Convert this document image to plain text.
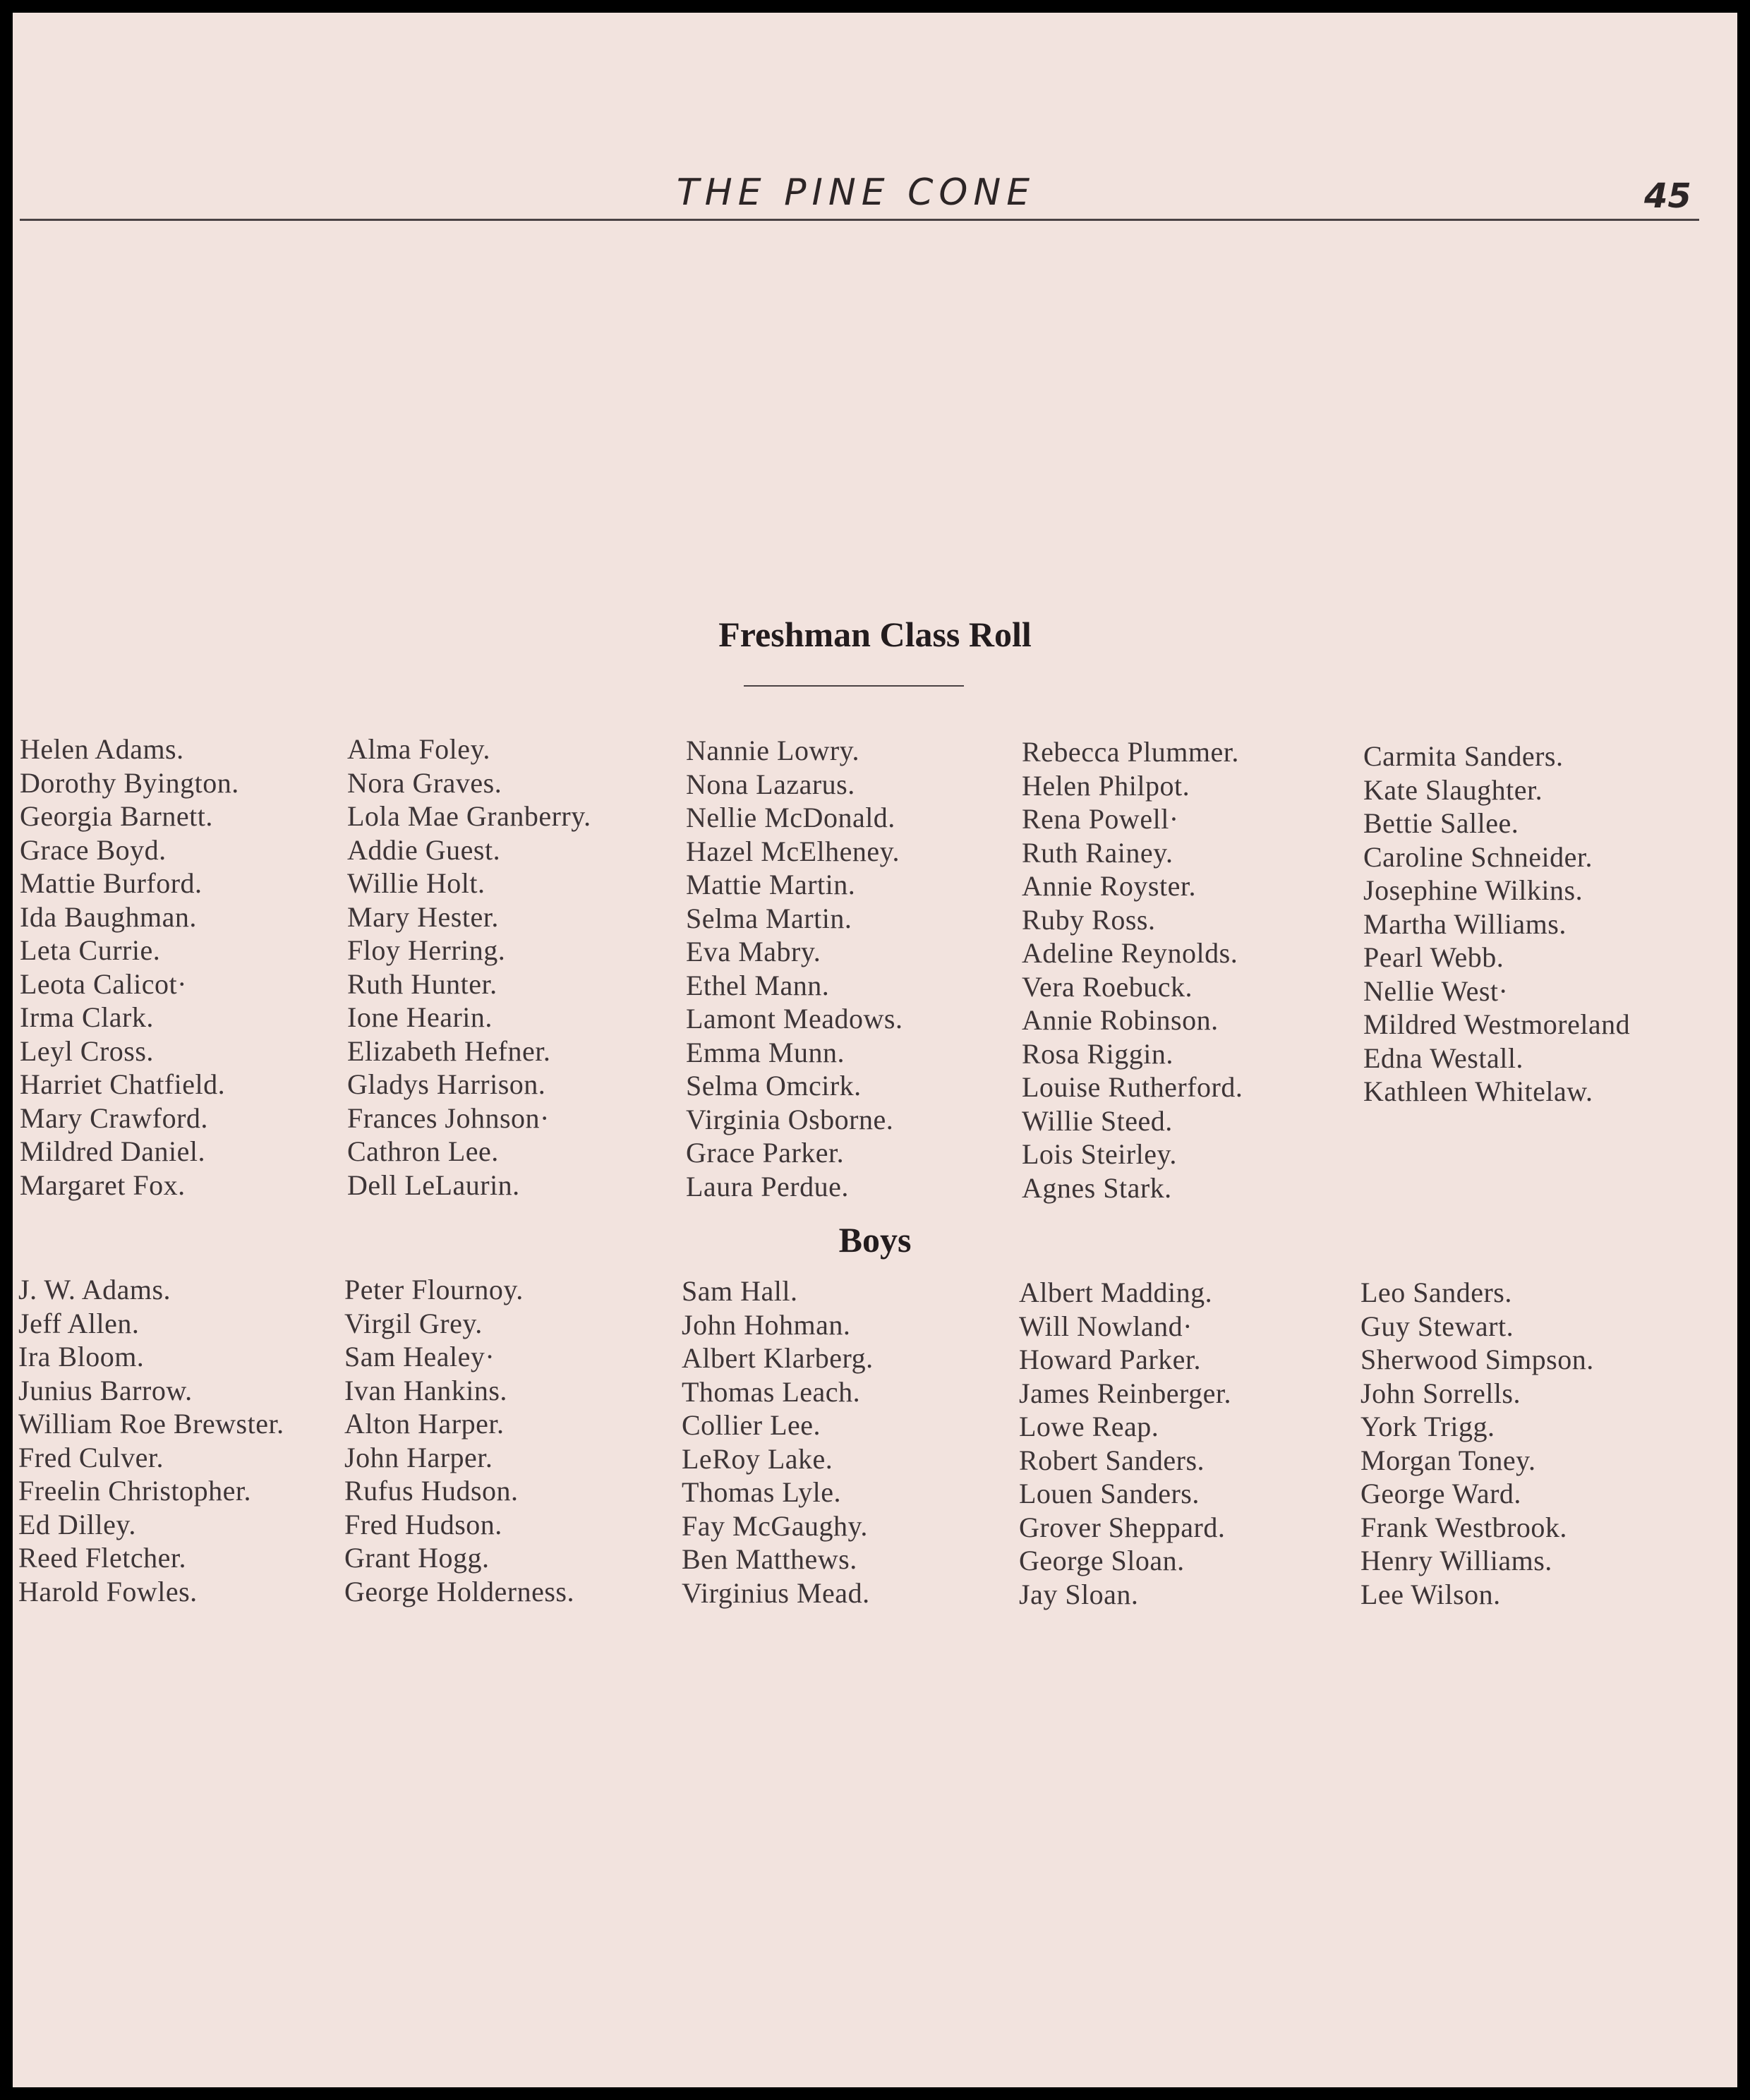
THE PINE CONE	45
Freshman Class Roll
Helen Adams.
Dorothy Byington.
Georgia Barnett.
Grace Boyd.
Mattie Burford.
Ida Baughman.
Leta Currie.
Leota Calicot·
Irma Clark.
Leyl Cross.
Harriet Chatfield.
Mary Crawford.
Mildred Daniel.
Margaret Fox.
Alma Foley.
Nora Graves.
Lola Mae Granberry.
Addie Guest.
Willie Holt.
Mary Hester.
Floy Herring.
Ruth Hunter.
Ione Hearin.
Elizabeth Hefner.
Gladys Harrison.
Frances Johnson·
Cathron Lee.
Dell LeLaurin.
Nannie Lowry.
Nona Lazarus.
Nellie McDonald.
Hazel McElheney.
Mattie Martin.
Selma Martin.
Eva Mabry.
Ethel Mann.
Lamont Meadows.
Emma Munn.
Selma Omcirk.
Virginia Osborne.
Grace Parker.
Laura Perdue.
Rebecca Plummer.
Helen Philpot.
Rena Powell·
Ruth Rainey.
Annie Royster.
Ruby Ross.
Adeline Reynolds.
Vera Roebuck.
Annie Robinson.
Rosa Riggin.
Louise Rutherford.
Willie Steed.
Lois Steirley.
Agnes Stark.
Carmita Sanders.
Kate Slaughter.
Bettie Sallee.
Caroline Schneider.
Josephine Wilkins.
Martha Williams.
Pearl Webb.
Nellie West·
Mildred Westmoreland
Edna Westall.
Kathleen Whitelaw.
Boys
J. W. Adams.
Jeff Allen.
Ira Bloom.
Junius Barrow.
William Roe Brewster.
Fred Culver.
Freelin Christopher.
Ed Dilley.
Reed Fletcher.
Harold Fowles.
Peter Flournoy.
Virgil Grey.
Sam Healey·
Ivan Hankins.
Alton Harper.
John Harper.
Rufus Hudson.
Fred Hudson.
Grant Hogg.
George Holderness.
Sam Hall.
John Hohman.
Albert Klarberg.
Thomas Leach.
Collier Lee.
LeRoy Lake.
Thomas Lyle.
Fay McGaughy.
Ben Matthews.
Virginius Mead.
Albert Madding.
Will Nowland·
Howard Parker.
James Reinberger.
Lowe Reap.
Robert Sanders.
Louen Sanders.
Grover Sheppard.
George Sloan.
Jay Sloan.
Leo Sanders.
Guy Stewart.
Sherwood Simpson.
John Sorrells.
York Trigg.
Morgan Toney.
George Ward.
Frank Westbrook.
Henry Williams.
Lee Wilson.
